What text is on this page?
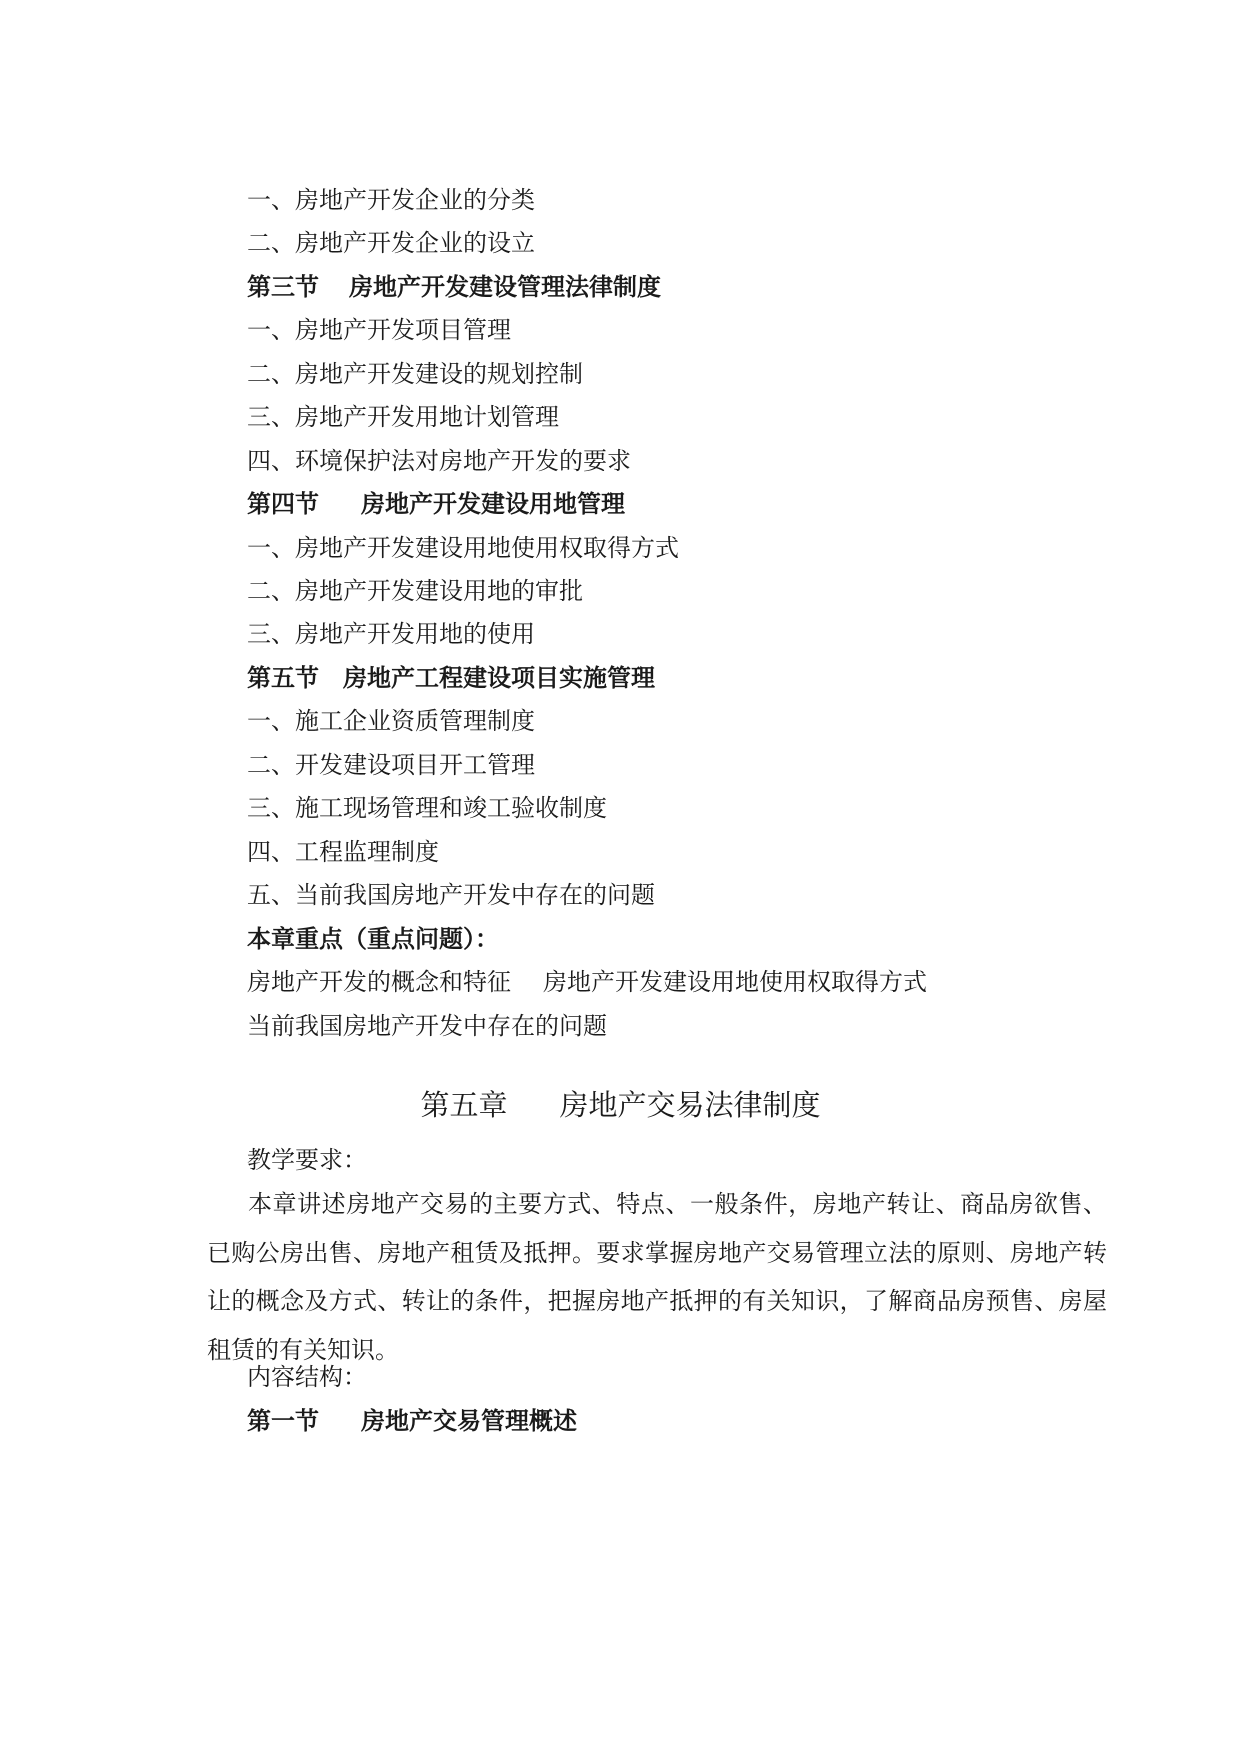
一、房地产开发企业的分类
二、房地产开发企业的设立
第三节 房地产开发建设管理法律制度
一、房地产开发项目管理
二、房地产开发建设的规划控制
三、房地产开发用地计划管理
四、环境保护法对房地产开发的要求
第四节 房地产开发建设用地管理
一、房地产开发建设用地使用权取得方式
二、房地产开发建设用地的审批
三、房地产开发用地的使用
第五节 房地产工程建设项目实施管理
一、施工企业资质管理制度
二、开发建设项目开工管理
三、施工现场管理和竣工验收制度
四、工程监理制度
五、当前我国房地产开发中存在的问题
本章重点（重点问题）：
房地产开发的概念和特征 房地产开发建设用地使用权取得方式
当前我国房地产开发中存在的问题
第五章 房地产交易法律制度
教学要求：
本章讲述房地产交易的主要方式、特点、一般条件，房地产转让、商品房欲售、已购公房出售、房地产租赁及抵押。要求掌握房地产交易管理立法的原则、房地产转让的概念及方式、转让的条件，把握房地产抵押的有关知识，了解商品房预售、房屋租赁的有关知识。
内容结构：
第一节 房地产交易管理概述
